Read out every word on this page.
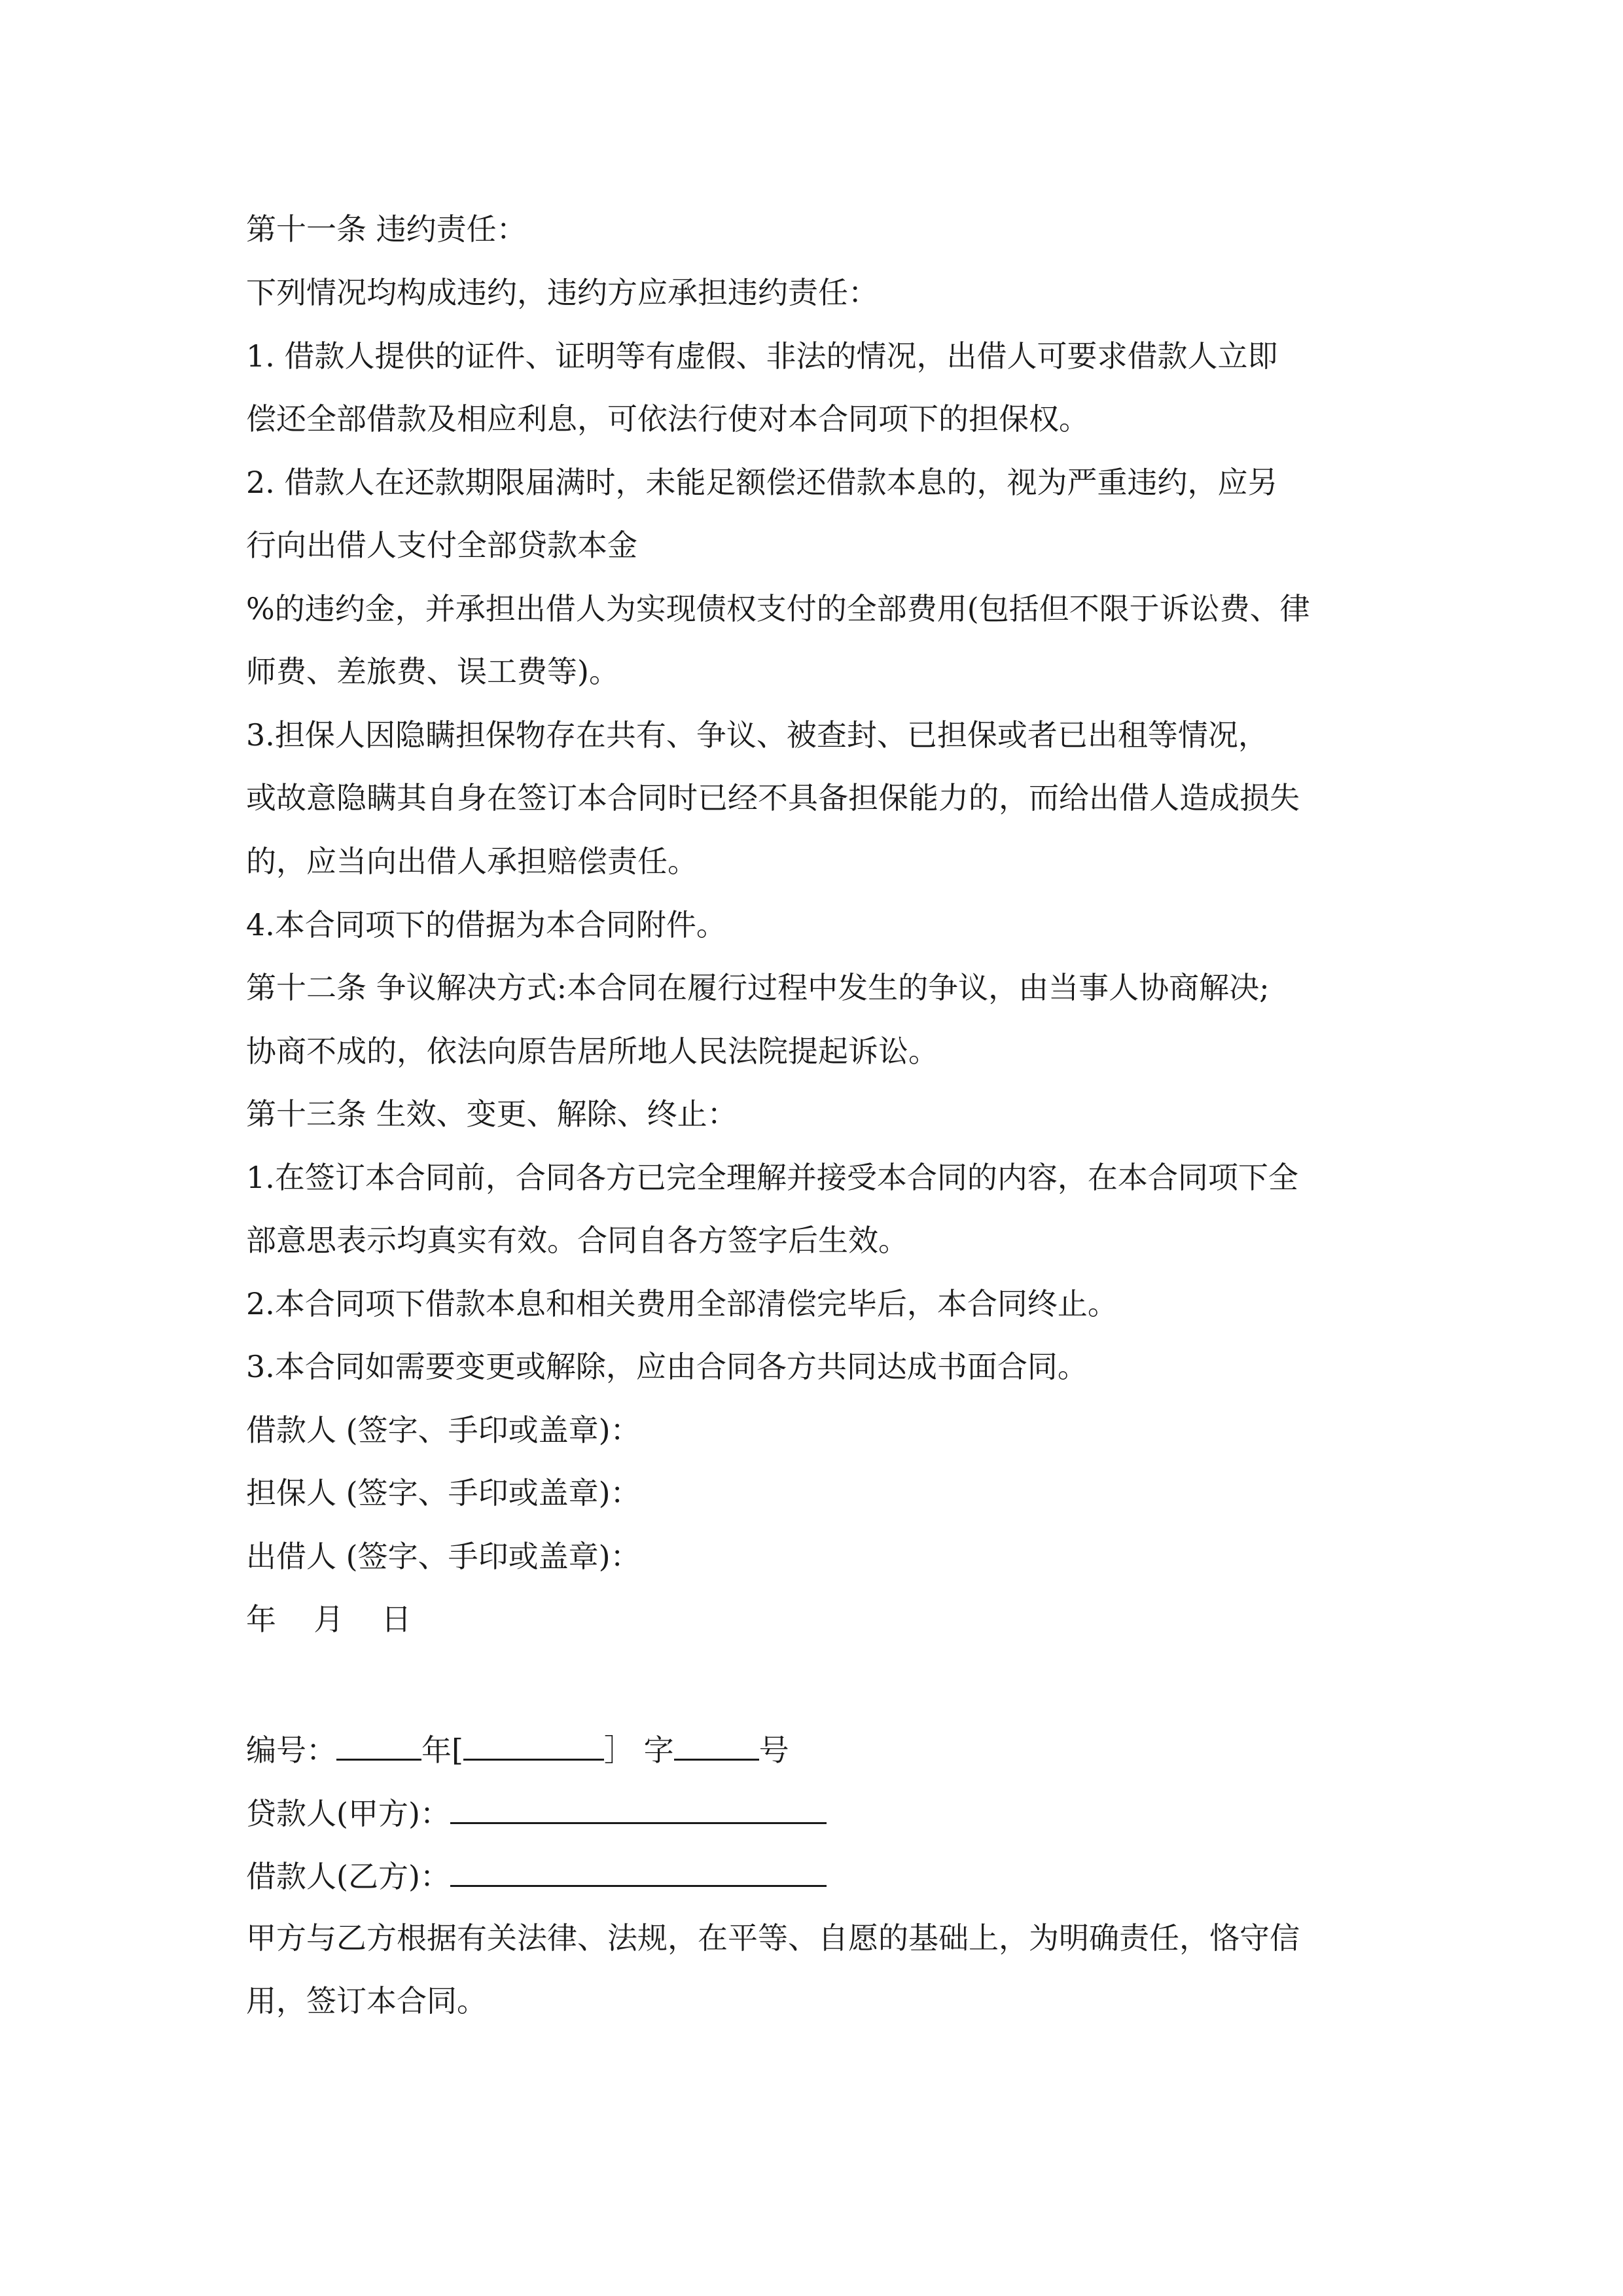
第十一条 违约责任：
下列情况均构成违约，违约方应承担违约责任：
1. 借款人提供的证件、证明等有虚假、非法的情况，出借人可要求借款人立即
偿还全部借款及相应利息，可依法行使对本合同项下的担保权。
2. 借款人在还款期限届满时，未能足额偿还借款本息的，视为严重违约，应另
行向出借人支付全部贷款本金
%的违约金，并承担出借人为实现债权支付的全部费用(包括但不限于诉讼费、律
师费、差旅费、误工费等)。
3.担保人因隐瞒担保物存在共有、争议、被查封、已担保或者已出租等情况，
或故意隐瞒其自身在签订本合同时已经不具备担保能力的，而给出借人造成损失
的，应当向出借人承担赔偿责任。
4.本合同项下的借据为本合同附件。
第十二条 争议解决方式:本合同在履行过程中发生的争议，由当事人协商解决;
协商不成的，依法向原告居所地人民法院提起诉讼。
第十三条 生效、变更、解除、终止：
1.在签订本合同前，合同各方已完全理解并接受本合同的内容，在本合同项下全
部意思表示均真实有效。合同自各方签字后生效。
2.本合同项下借款本息和相关费用全部清偿完毕后，本合同终止。
3.本合同如需要变更或解除，应由合同各方共同达成书面合同。
借款人 (签字、手印或盖章)：
担保人 (签字、手印或盖章)：
出借人 (签字、手印或盖章)：
年  月  日
编号：	年[	］ 字	号
贷款人(甲方)：
借款人(乙方)：
甲方与乙方根据有关法律、法规，在平等、自愿的基础上，为明确责任，恪守信
用，签订本合同。
